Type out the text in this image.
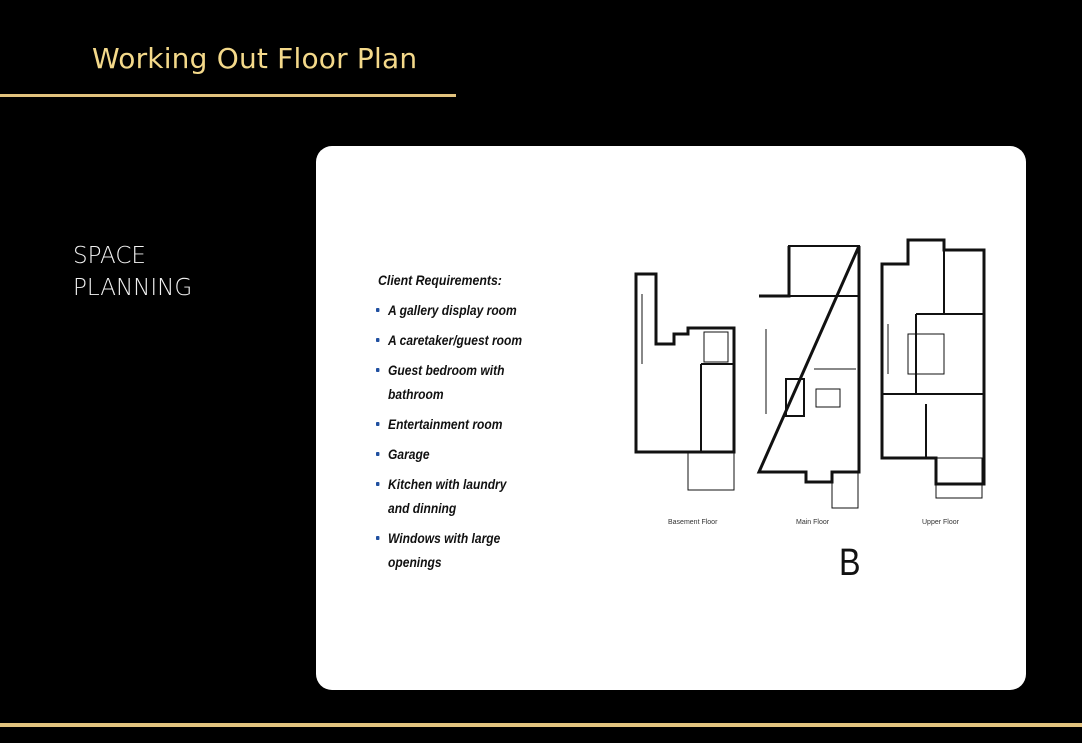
Working Out Floor Plan
SPACE
PLANNING	Client Requirements:
A gallery display room
A caretaker/guest room
Guest bedroom with bathroom
Entertainment room
Garage
Kitchen with laundry and dinning
Windows with large openings
Basement Floor	Main Floor	Upper Floor
B
